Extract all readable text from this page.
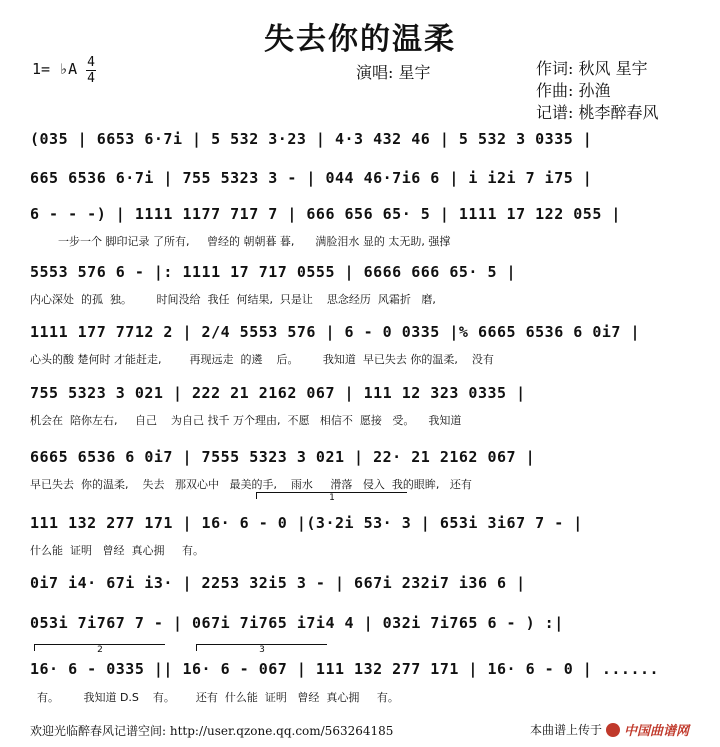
失去你的温柔
1= ♭A 4
4	演唱: 星宇	作词: 秋风 星宇
作曲: 孙渔
记谱: 桃李醉春风
(035 | 6653 6·7i | 5 532 3·23 | 4·3 432 46 | 5 532 3 0335 |
665 6536 6·7i | 755 5323 3 - | 044 46·7i6 6 | i i2i 7 i75 |
6 - - -) | 1111 1177 717 7 | 666 656 65· 5 | 1111 17 122 055 |
一步一个 脚印记录 了所有,     曾经的 朝朝暮 暮,      满脸泪水 显的 太无助, 强撑
5553 576 6 - |: 1111 17 717 0555 | 6666 666 65· 5 |
内心深处  的孤  独。       时间没给  我任  何结果,  只是让    思念经历  风霜折   磨,
1111 177 7712 2 | 2/4 5553 576 | 6 - 0 0335 |% 6665 6536 6 0i7 |
心头的酸 楚何时 才能赶走,        再现远走  的遴    后。       我知道  早已失去 你的温柔,    没有
755 5323 3 021 | 222 21 2162 067 | 111 12 323 0335 |
机会在  陪你左右,     自己    为自己 找千 万个理由,  不愿   相信不  愿接   受。    我知道
6665 6536 6 0i7 | 7555 5323 3 021 | 22· 21 2162 067 |
早已失去  你的温柔,    失去   那双心中   最美的手,    雨水     滑落   侵入  我的眼眸,   还有
1
111 132 277 171 | 16· 6 - 0 |(3·2i 53· 3 | 653i 3i67 7 - |
什么能  证明   曾经  真心拥     有。
0i7 i4· 67i i3· | 2253 32i5 3 - | 667i 232i7 i36 6 |
053i 7i767 7 - | 067i 7i765 i7i4 4 | 032i 7i765 6 - ) :|
2	3
16· 6 - 0335 || 16· 6 - 067 | 111 132 277 171 | 16· 6 - 0 | ......
有。       我知道 D.S    有。      还有  什么能  证明   曾经  真心拥     有。
欢迎光临醉春风记谱空间: http://user.qzone.qq.com/563264185	本曲谱上传于 中国曲谱网
